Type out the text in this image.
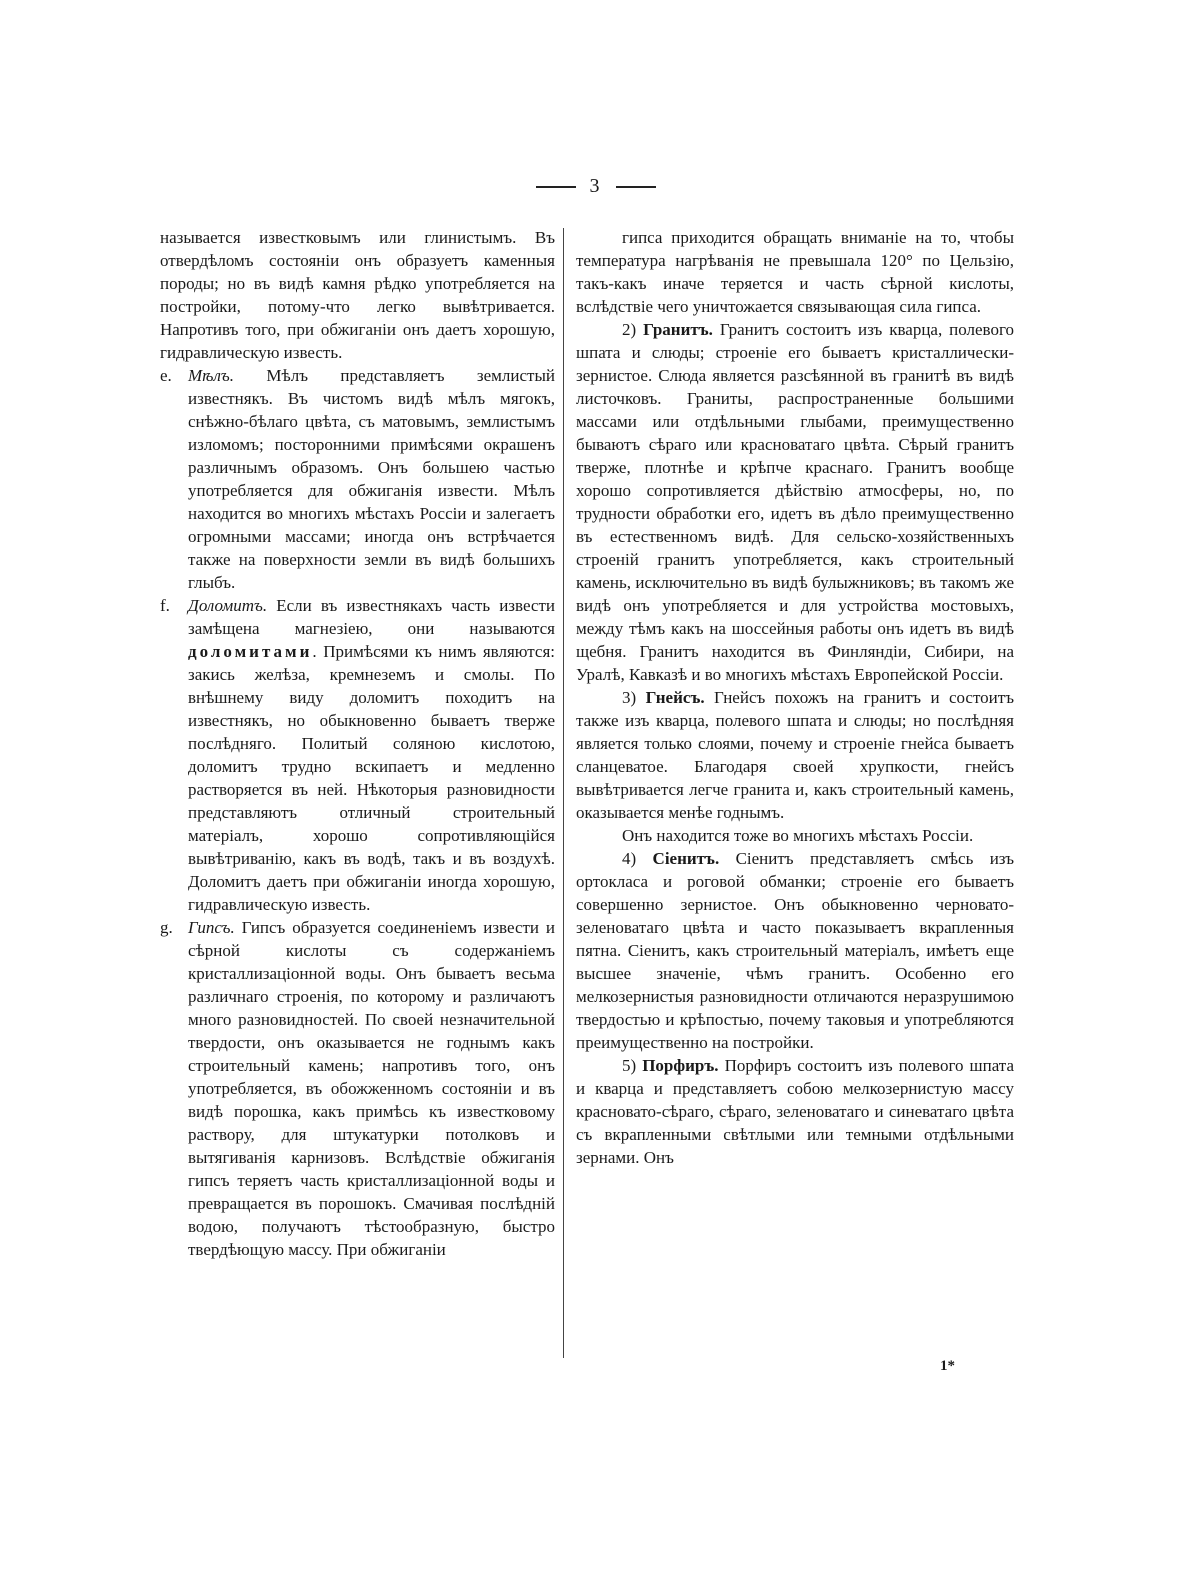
3

называется известковымъ или глинистымъ. Въ отвердѣломъ состояніи онъ образуетъ каменныя породы; но въ видѣ камня рѣдко употребляется на постройки, потому-что легко вывѣтривается. Напротивъ того, при обжиганіи онъ даетъ хорошую, гидравлическую известь.

e. Мѣлъ. Мѣлъ представляетъ землистый известнякъ. Въ чистомъ видѣ мѣлъ мягокъ, снѣжно-бѣлаго цвѣта, съ матовымъ, землистымъ изломомъ; посторонними примѣсями окрашенъ различнымъ образомъ. Онъ большею частью употребляется для обжиганія извести. Мѣлъ находится во многихъ мѣстахъ Россіи и залегаетъ огромными массами; иногда онъ встрѣчается также на поверхности земли въ видѣ большихъ глыбъ.

f. Доломитъ. Если въ известнякахъ часть извести замѣщена магнезіею, они называются доломитами. Примѣсями къ нимъ являются: закись желѣза, кремнеземъ и смолы. По внѣшнему виду доломитъ походитъ на известнякъ, но обыкновенно бываетъ тверже послѣдняго. Политый соляною кислотою, доломитъ трудно вскипаетъ и медленно растворяется въ ней. Нѣкоторыя разновидности представляютъ отличный строительный матеріалъ, хорошо сопротивляющійся вывѣтриванію, какъ въ водѣ, такъ и въ воздухѣ. Доломитъ даетъ при обжиганіи иногда хорошую, гидравлическую известь.

g. Гипсъ. Гипсъ образуется соединеніемъ извести и сѣрной кислоты съ содержаніемъ кристаллизаціонной воды. Онъ бываетъ весьма различнаго строенія, по которому и различаютъ много разновидностей. По своей незначительной твердости, онъ оказывается не годнымъ какъ строительный камень; напротивъ того, онъ употребляется, въ обожженномъ состояніи и въ видѣ порошка, какъ примѣсь къ известковому раствору, для штукатурки потолковъ и вытягиванія карнизовъ. Вслѣдствіе обжиганія гипсъ теряетъ часть кристаллизаціонной воды и превращается въ порошокъ. Смачивая послѣдній водою, получаютъ тѣстообразную, быстро твердѣющую массу. При обжиганіи

гипса приходится обращать вниманіе на то, чтобы температура нагрѣванія не превышала 120° по Цельзію, такъ-какъ иначе теряется и часть сѣрной кислоты, вслѣдствіе чего уничтожается связывающая сила гипса.

2) Гранитъ. Гранитъ состоитъ изъ кварца, полевого шпата и слюды; строеніе его бываетъ кристаллически-зернистое. Слюда является разсѣянной въ гранитѣ въ видѣ листочковъ. Граниты, распространенные большими массами или отдѣльными глыбами, преимущественно бываютъ сѣраго или красноватаго цвѣта. Сѣрый гранитъ тверже, плотнѣе и крѣпче краснаго. Гранитъ вообще хорошо сопротивляется дѣйствію атмосферы, но, по трудности обработки его, идетъ въ дѣло преимущественно въ естественномъ видѣ. Для сельско-хозяйственныхъ строеній гранитъ употребляется, какъ строительный камень, исключительно въ видѣ булыжниковъ; въ такомъ же видѣ онъ употребляется и для устройства мостовыхъ, между тѣмъ какъ на шоссейныя работы онъ идетъ въ видѣ щебня. Гранитъ находится въ Финляндіи, Сибири, на Уралѣ, Кавказѣ и во многихъ мѣстахъ Европейской Россіи.

3) Гнейсъ. Гнейсъ похожъ на гранитъ и состоитъ также изъ кварца, полевого шпата и слюды; но послѣдняя является только слоями, почему и строеніе гнейса бываетъ сланцеватое. Благодаря своей хрупкости, гнейсъ вывѣтривается легче гранита и, какъ строительный камень, оказывается менѣе годнымъ.

Онъ находится тоже во многихъ мѣстахъ Россіи.

4) Сіенитъ. Сіенитъ представляетъ смѣсь изъ ортокласа и роговой обманки; строеніе его бываетъ совершенно зернистое. Онъ обыкновенно черновато-зеленоватаго цвѣта и часто показываетъ вкрапленныя пятна. Сіенитъ, какъ строительный матеріалъ, имѣетъ еще высшее значеніе, чѣмъ гранитъ. Особенно его мелкозернистыя разновидности отличаются неразрушимою твердостью и крѣпостью, почему таковыя и употребляются преимущественно на постройки.

5) Порфиръ. Порфиръ состоитъ изъ полевого шпата и кварца и представляетъ собою мелкозернистую массу красновато-сѣраго, сѣраго, зеленоватаго и синеватаго цвѣта съ вкрапленными свѣтлыми или темными отдѣльными зернами. Онъ

1*
